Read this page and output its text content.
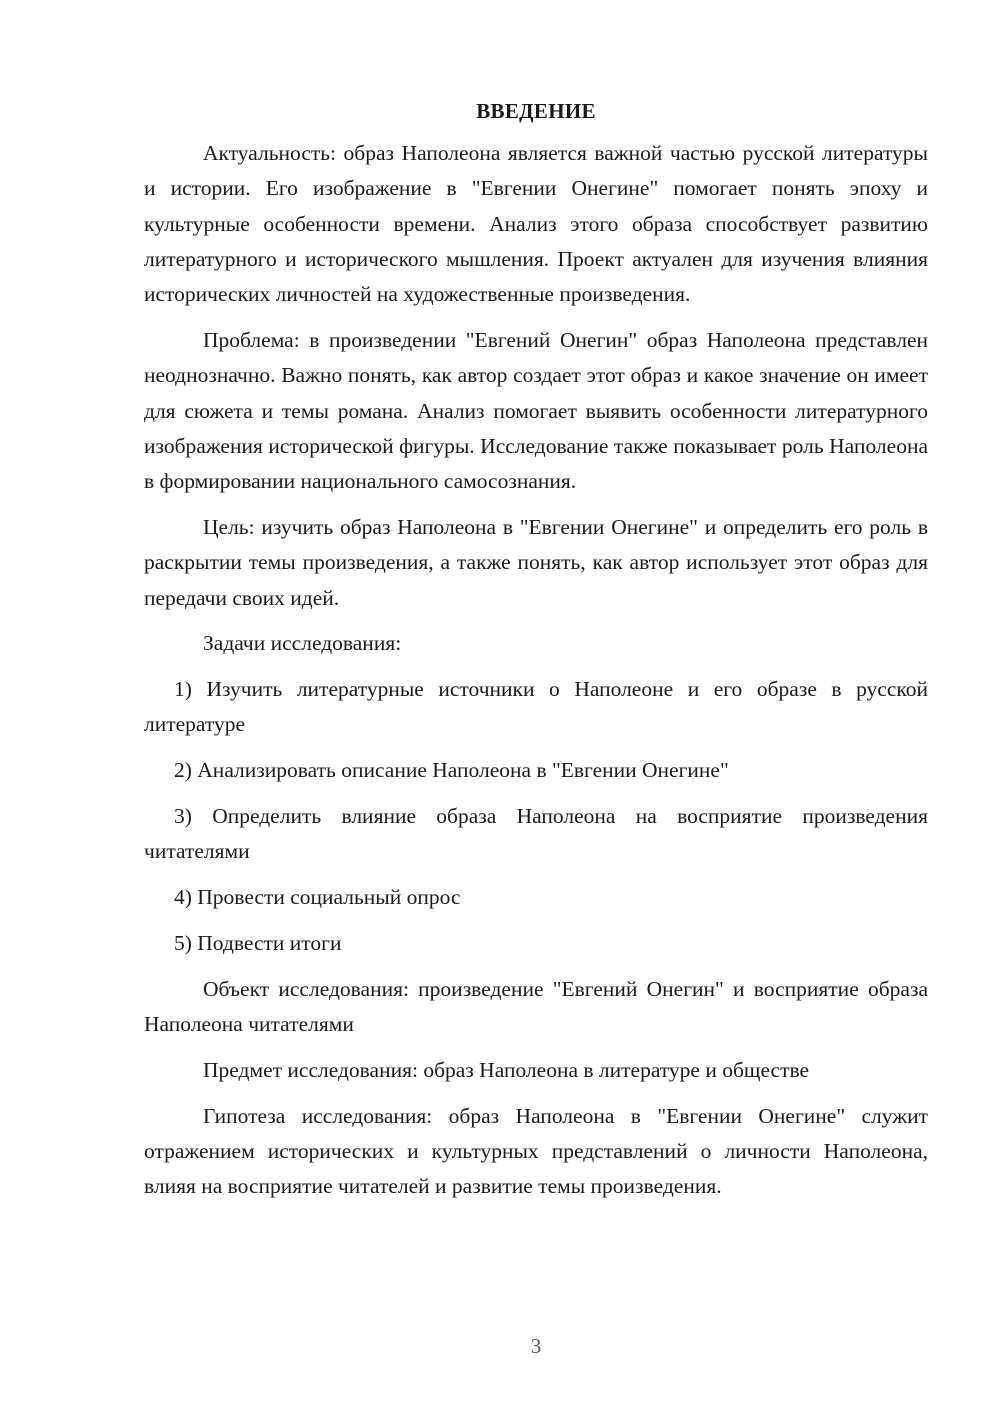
ВВЕДЕНИЕ

Актуальность: образ Наполеона является важной частью русской литературы и истории. Его изображение в "Евгении Онегине" помогает понять эпоху и культурные особенности времени. Анализ этого образа способствует развитию литературного и исторического мышления. Проект актуален для изучения влияния исторических личностей на художественные произведения.

Проблема: в произведении "Евгений Онегин" образ Наполеона представлен неоднозначно. Важно понять, как автор создает этот образ и какое значение он имеет для сюжета и темы романа. Анализ помогает выявить особенности литературного изображения исторической фигуры. Исследование также показывает роль Наполеона в формировании национального самосознания.

Цель: изучить образ Наполеона в "Евгении Онегине" и определить его роль в раскрытии темы произведения, а также понять, как автор использует этот образ для передачи своих идей.

Задачи исследования:

1) Изучить литературные источники о Наполеоне и его образе в русской литературе

2) Анализировать описание Наполеона в "Евгении Онегине"

3) Определить влияние образа Наполеона на восприятие произведения читателями

4) Провести социальный опрос

5) Подвести итоги

Объект исследования: произведение "Евгений Онегин" и восприятие образа Наполеона читателями

Предмет исследования: образ Наполеона в литературе и обществе

Гипотеза исследования: образ Наполеона в "Евгении Онегине" служит отражением исторических и культурных представлений о личности Наполеона, влияя на восприятие читателей и развитие темы произведения.

3
